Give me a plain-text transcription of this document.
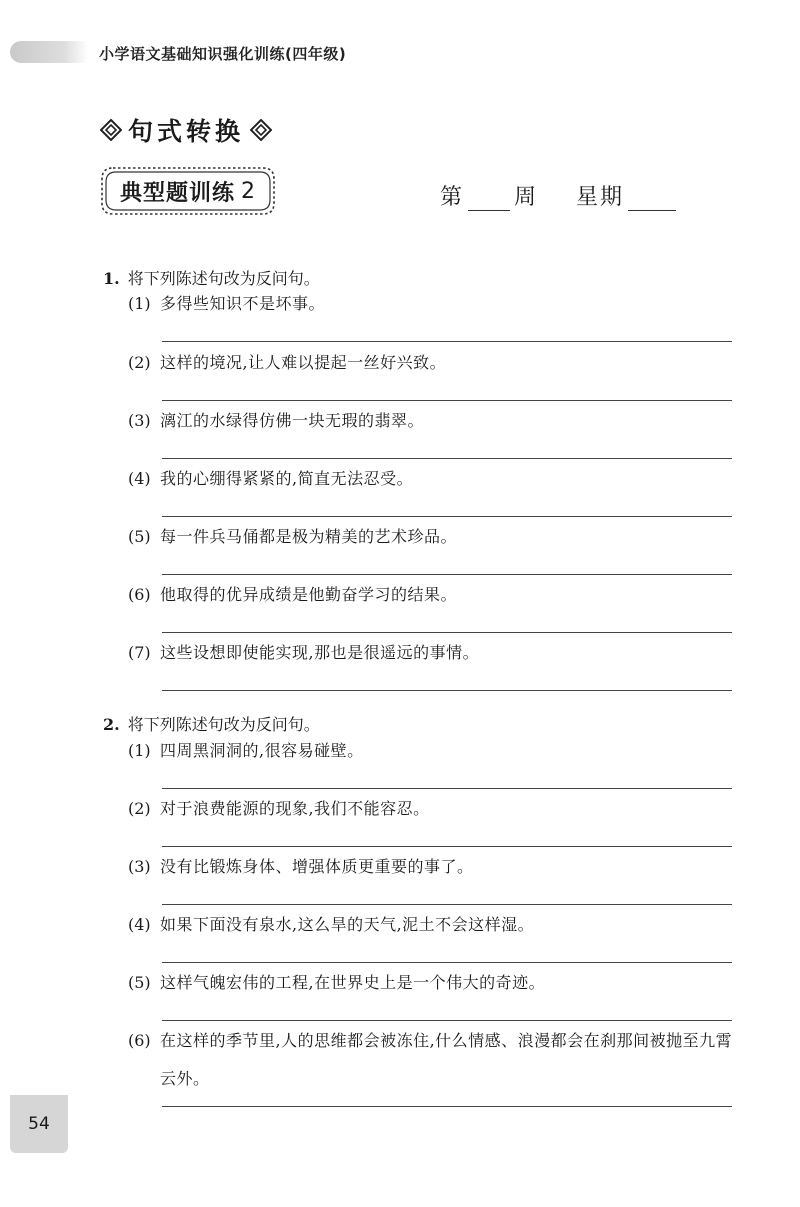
小学语文基础知识强化训练(四年级)
句式转换
典型题训练 2	第 周 星期
1. 将下列陈述句改为反问句。
(1) 多得些知识不是坏事。
(2) 这样的境况,让人难以提起一丝好兴致。
(3) 漓江的水绿得仿佛一块无瑕的翡翠。
(4) 我的心绷得紧紧的,简直无法忍受。
(5) 每一件兵马俑都是极为精美的艺术珍品。
(6) 他取得的优异成绩是他勤奋学习的结果。
(7) 这些设想即使能实现,那也是很遥远的事情。
2. 将下列陈述句改为反问句。
(1) 四周黑洞洞的,很容易碰壁。
(2) 对于浪费能源的现象,我们不能容忍。
(3) 没有比锻炼身体、增强体质更重要的事了。
(4) 如果下面没有泉水,这么旱的天气,泥土不会这样湿。
(5) 这样气魄宏伟的工程,在世界史上是一个伟大的奇迹。
(6) 在这样的季节里,人的思维都会被冻住,什么情感、浪漫都会在刹那间被抛至九霄云外。
54
